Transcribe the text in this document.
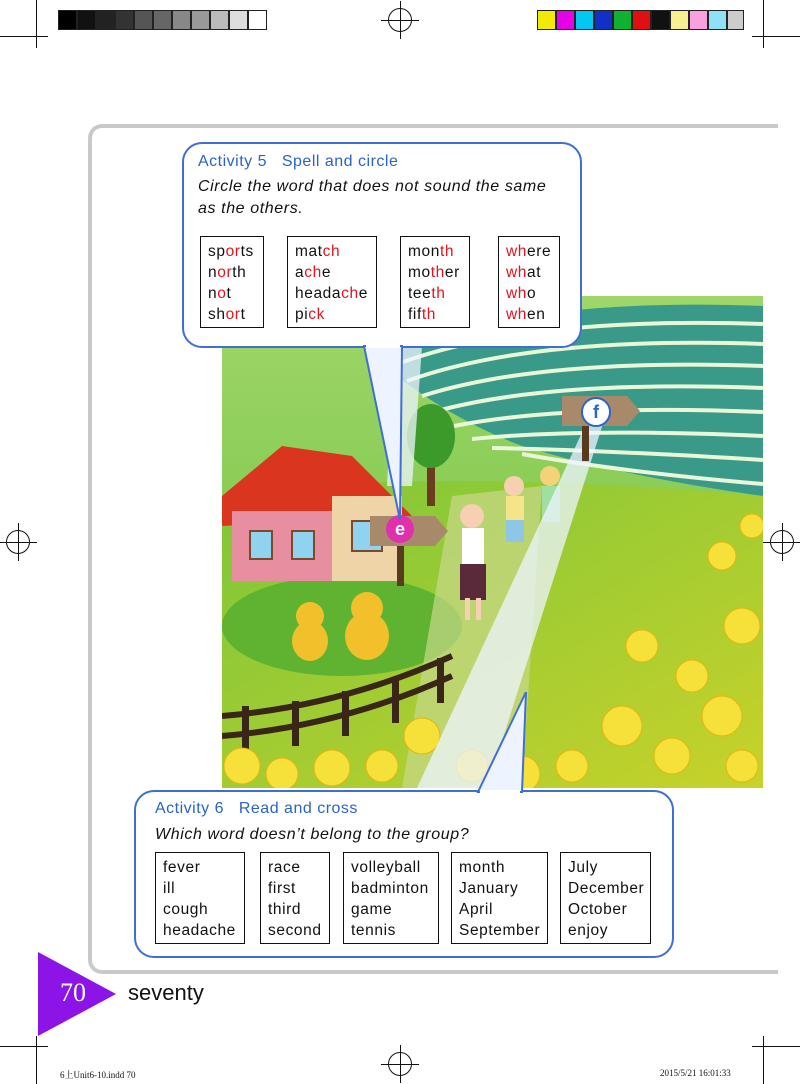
f
e
Activity 5   Spell and circle
Circle the word that does not sound the same as the others.
sports
north
not
short
match
ache
headache
pick
month
mother
teeth
fifth
where
what
who
when
Activity 6   Read and cross
Which word doesn’t belong to the group?
fever
ill
cough
headache
race
first
third
second
volleyball
badminton
game
tennis
month
January
April
September
July
December
October
enjoy
70 seventy
6上Unit6-10.indd 70	2015/5/21 16:01:33
